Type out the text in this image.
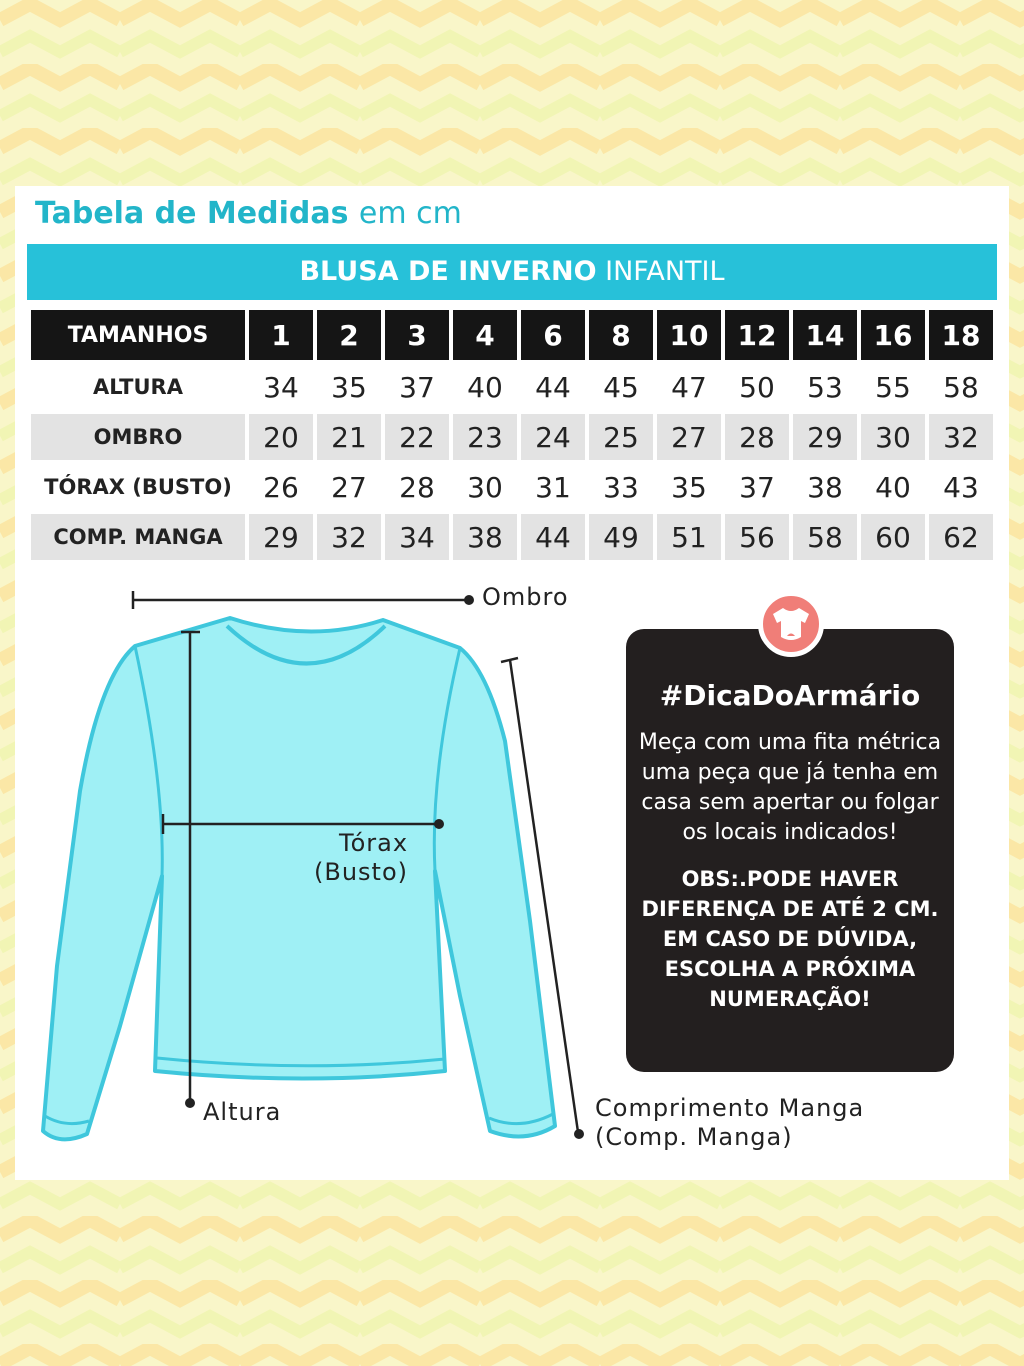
Tabela de Medidas em cm
BLUSA DE INVERNO INFANTIL
TAMANHOS	1	2	3	4	6	8	10	12	14	16	18
ALTURA	34	35	37	40	44	45	47	50	53	55	58
OMBRO	20	21	22	23	24	25	27	28	29	30	32
TÓRAX (BUSTO)	26	27	28	30	31	33	35	37	38	40	43
COMP. MANGA	29	32	34	38	44	49	51	56	58	60	62

Ombro

Tórax

(Busto)

Altura	Comprimento Manga

(Comp. Manga)

#DicaDoArmário

Meça com uma fita métrica uma peça que já tenha em casa sem apertar ou folgar os locais indicados!

OBS:.PODE HAVER DIFERENÇA DE ATÉ 2 CM. EM CASO DE DÚVIDA, ESCOLHA A PRÓXIMA NUMERAÇÃO!
